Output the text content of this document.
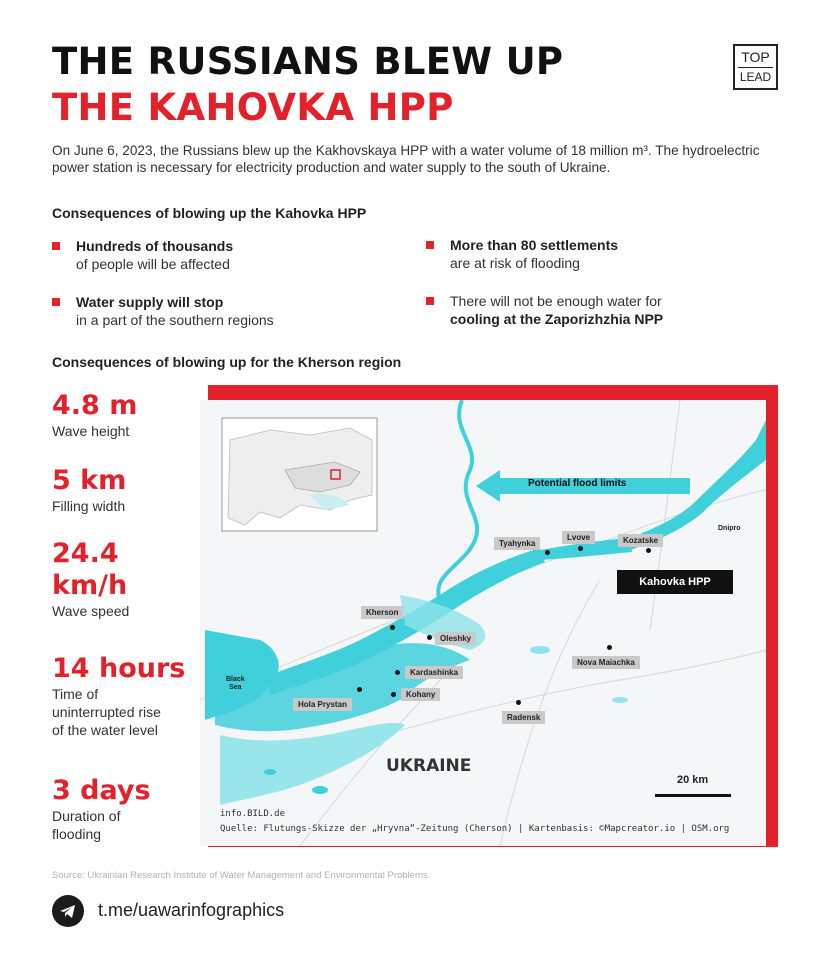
THE RUSSIANS BLEW UP
THE KAHOVKA HPP
TOP
LEAD

On June 6, 2023, the Russians blew up the Kakhovskaya HPP with a water volume of 18 million m³. The hydroelectric power station is necessary for electricity production and water supply to the south of Ukraine.

Consequences of blowing up the Kahovka HPP
Hundreds of thousands
of people will be affected
More than 80 settlements
are at risk of flooding
Water supply will stop
in a part of the southern regions
There will not be enough water for
cooling at the Zaporizhzhia NPP
Consequences of blowing up for the Kherson region
4.8 m
Wave height
5 km
Filling width
24.4
km/h
Wave speed
14 hours
Time of
uninterrupted rise
of the water level
3 days
Duration of
flooding
Potential flood limits
Kahovka HPP
Dnipro
Tyahynka
Lvove	Kozatske
Kherson
Oleshky
Kardashinka
Kohany
Hola Prystan
Nova Maiachka
Radensk
Black
Sea
UKRAINE
20 km
info.BILD.de
Quelle: Flutungs-Skizze der „Hryvna“-Zeitung (Cherson) | Kartenbasis: ©Mapcreator.io | OSM.org
Source: Ukrainian Research Institute of Water Management and Environmental Problems.
t.me/uawarinfographics
